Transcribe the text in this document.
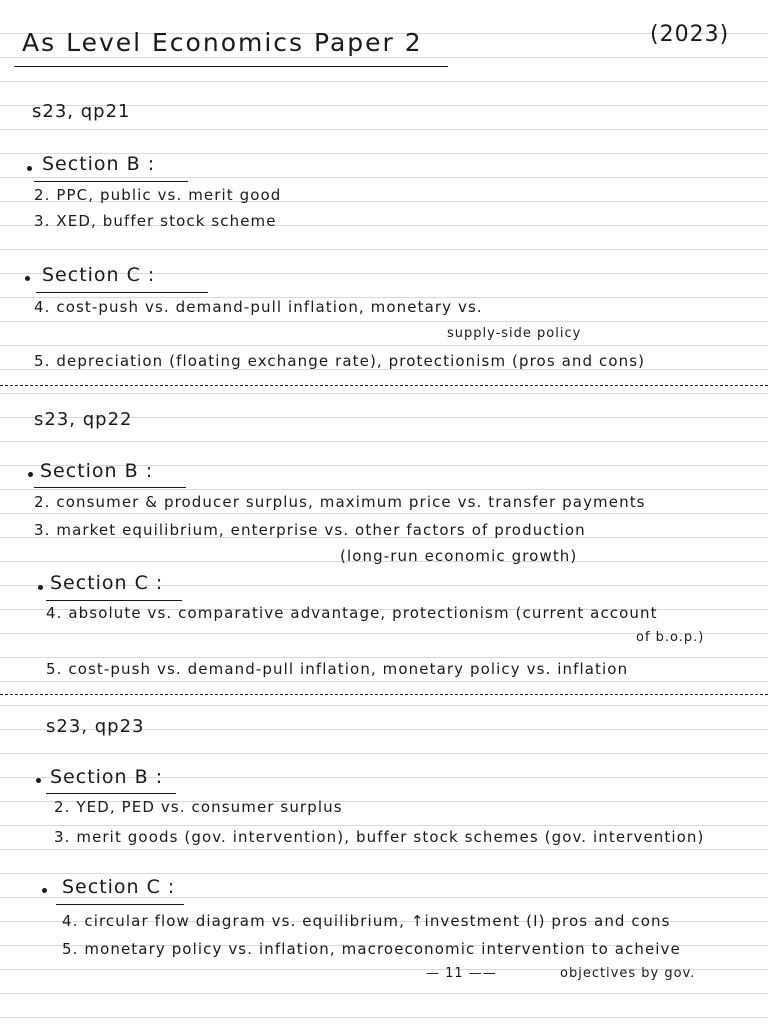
As Level Economics Paper 2	(2023)
s23, qp21
Section B :
2. PPC, public vs. merit good
3. XED, buffer stock scheme
Section C :
4. cost-push vs. demand-pull inflation, monetary vs.
supply-side policy
5. depreciation (floating exchange rate), protectionism (pros and cons)
s23, qp22
Section B :
2. consumer & producer surplus, maximum price vs. transfer payments
3. market equilibrium, enterprise vs. other factors of production
(long-run economic growth)
Section C :
4. absolute vs. comparative advantage, protectionism (current account
of b.o.p.)
5. cost-push vs. demand-pull inflation, monetary policy vs. inflation
s23, qp23
Section B :
2. YED, PED vs. consumer surplus
3. merit goods (gov. intervention), buffer stock schemes (gov. intervention)
Section C :
4. circular flow diagram vs. equilibrium, ↑investment (I) pros and cons
5. monetary policy vs. inflation, macroeconomic intervention to acheive
— 11 ——	objectives by gov.
